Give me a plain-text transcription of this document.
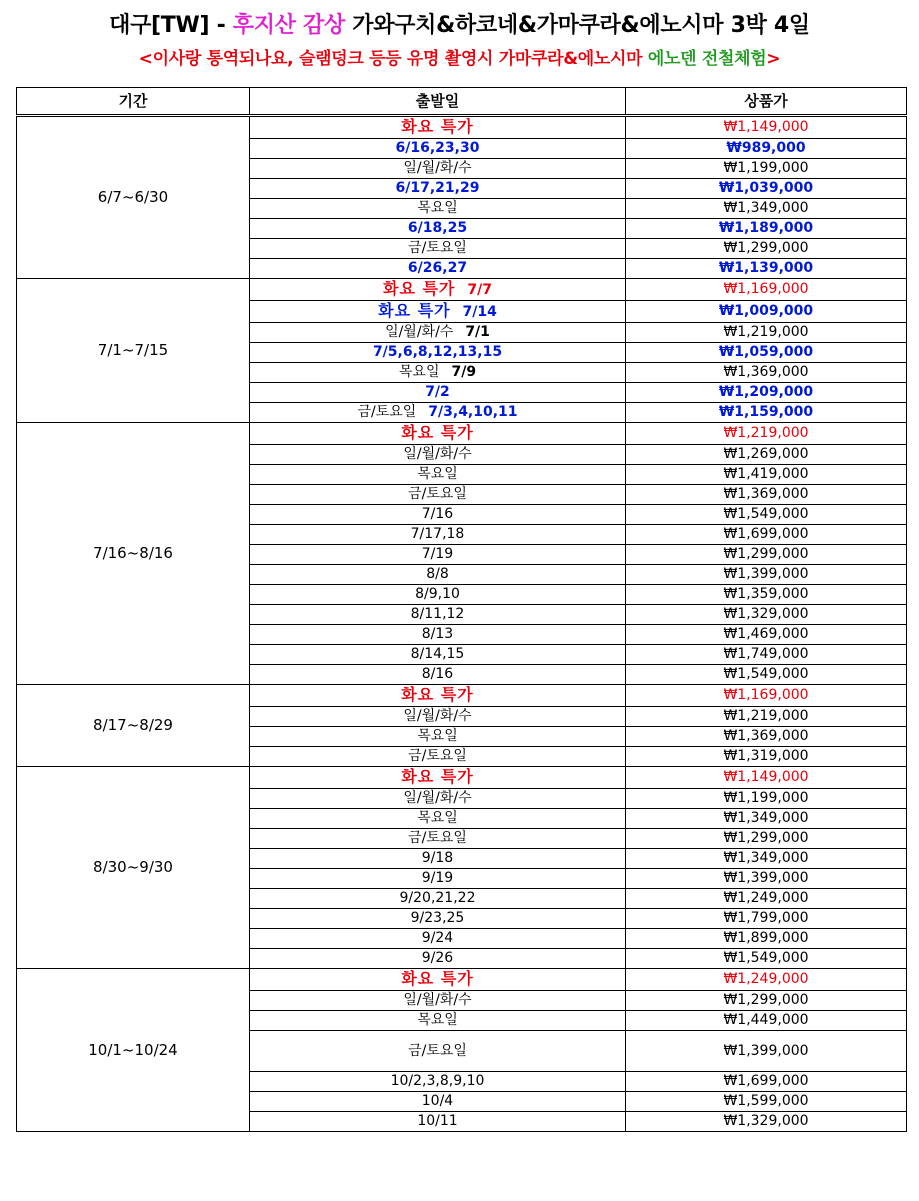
대구[TW] - 후지산 감상 가와구치&하코네&가마쿠라&에노시마 3박 4일
<이사랑 통역되나요, 슬램덩크 등등 유명 촬영시 가마쿠라&에노시마 에노덴 전철체험>
기간	출발일	상품가
6/7~6/30	화요 특가	₩1,149,000
	6/16,23,30	₩989,000
	일/월/화/수	₩1,199,000
	6/17,21,29	₩1,039,000
	목요일	₩1,349,000
	6/18,25	₩1,189,000
	금/토요일	₩1,299,000
	6/26,27	₩1,139,000
7/1~7/15	화요 특가 7/7	₩1,169,000
	화요 특가 7/14	₩1,009,000
	일/월/화/수 7/1	₩1,219,000
	7/5,6,8,12,13,15	₩1,059,000
	목요일 7/9	₩1,369,000
	7/2	₩1,209,000
	금/토요일 7/3,4,10,11	₩1,159,000
7/16~8/16	화요 특가	₩1,219,000
	일/월/화/수	₩1,269,000
	목요일	₩1,419,000
	금/토요일	₩1,369,000
	7/16	₩1,549,000
	7/17,18	₩1,699,000
	7/19	₩1,299,000
	8/8	₩1,399,000
	8/9,10	₩1,359,000
	8/11,12	₩1,329,000
	8/13	₩1,469,000
	8/14,15	₩1,749,000
	8/16	₩1,549,000
8/17~8/29	화요 특가	₩1,169,000
	일/월/화/수	₩1,219,000
	목요일	₩1,369,000
	금/토요일	₩1,319,000
8/30~9/30	화요 특가	₩1,149,000
	일/월/화/수	₩1,199,000
	목요일	₩1,349,000
	금/토요일	₩1,299,000
	9/18	₩1,349,000
	9/19	₩1,399,000
	9/20,21,22	₩1,249,000
	9/23,25	₩1,799,000
	9/24	₩1,899,000
	9/26	₩1,549,000
10/1~10/24	화요 특가	₩1,249,000
	일/월/화/수	₩1,299,000
	목요일	₩1,449,000
	금/토요일	₩1,399,000
	10/2,3,8,9,10	₩1,699,000
	10/4	₩1,599,000
	10/11	₩1,329,000
